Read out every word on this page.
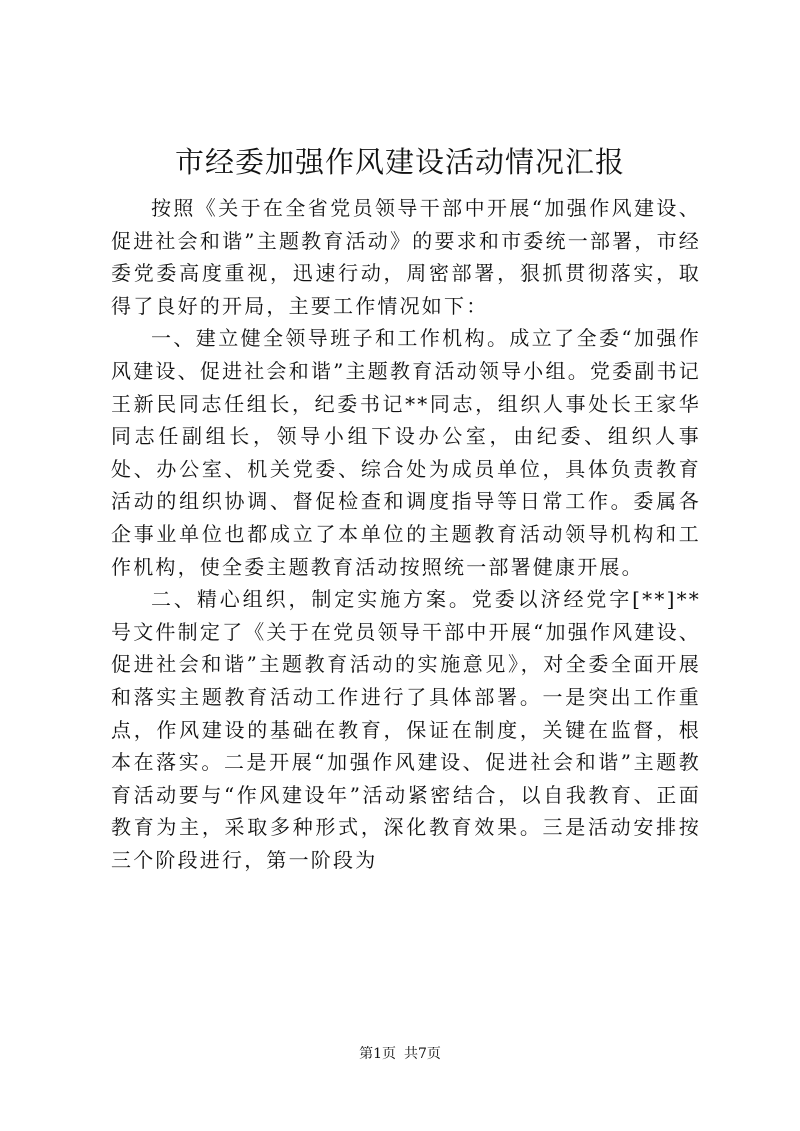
市经委加强作风建设活动情况汇报

按照《关于在全省党员领导干部中开展“加强作风建设、促进社会和谐”主题教育活动》的要求和市委统一部署，市经委党委高度重视，迅速行动，周密部署，狠抓贯彻落实，取得了良好的开局，主要工作情况如下：

一、建立健全领导班子和工作机构。成立了全委“加强作风建设、促进社会和谐”主题教育活动领导小组。党委副书记王新民同志任组长，纪委书记**同志，组织人事处长王家华同志任副组长，领导小组下设办公室，由纪委、组织人事处、办公室、机关党委、综合处为成员单位，具体负责教育活动的组织协调、督促检查和调度指导等日常工作。委属各企事业单位也都成立了本单位的主题教育活动领导机构和工作机构，使全委主题教育活动按照统一部署健康开展。

二、精心组织，制定实施方案。党委以济经党字[**]**号文件制定了《关于在党员领导干部中开展“加强作风建设、促进社会和谐”主题教育活动的实施意见》，对全委全面开展和落实主题教育活动工作进行了具体部署。一是突出工作重点，作风建设的基础在教育，保证在制度，关键在监督，根本在落实。二是开展“加强作风建设、促进社会和谐”主题教育活动要与“作风建设年”活动紧密结合，以自我教育、正面教育为主，采取多种形式，深化教育效果。三是活动安排按三个阶段进行，第一阶段为

第1页 共7页
